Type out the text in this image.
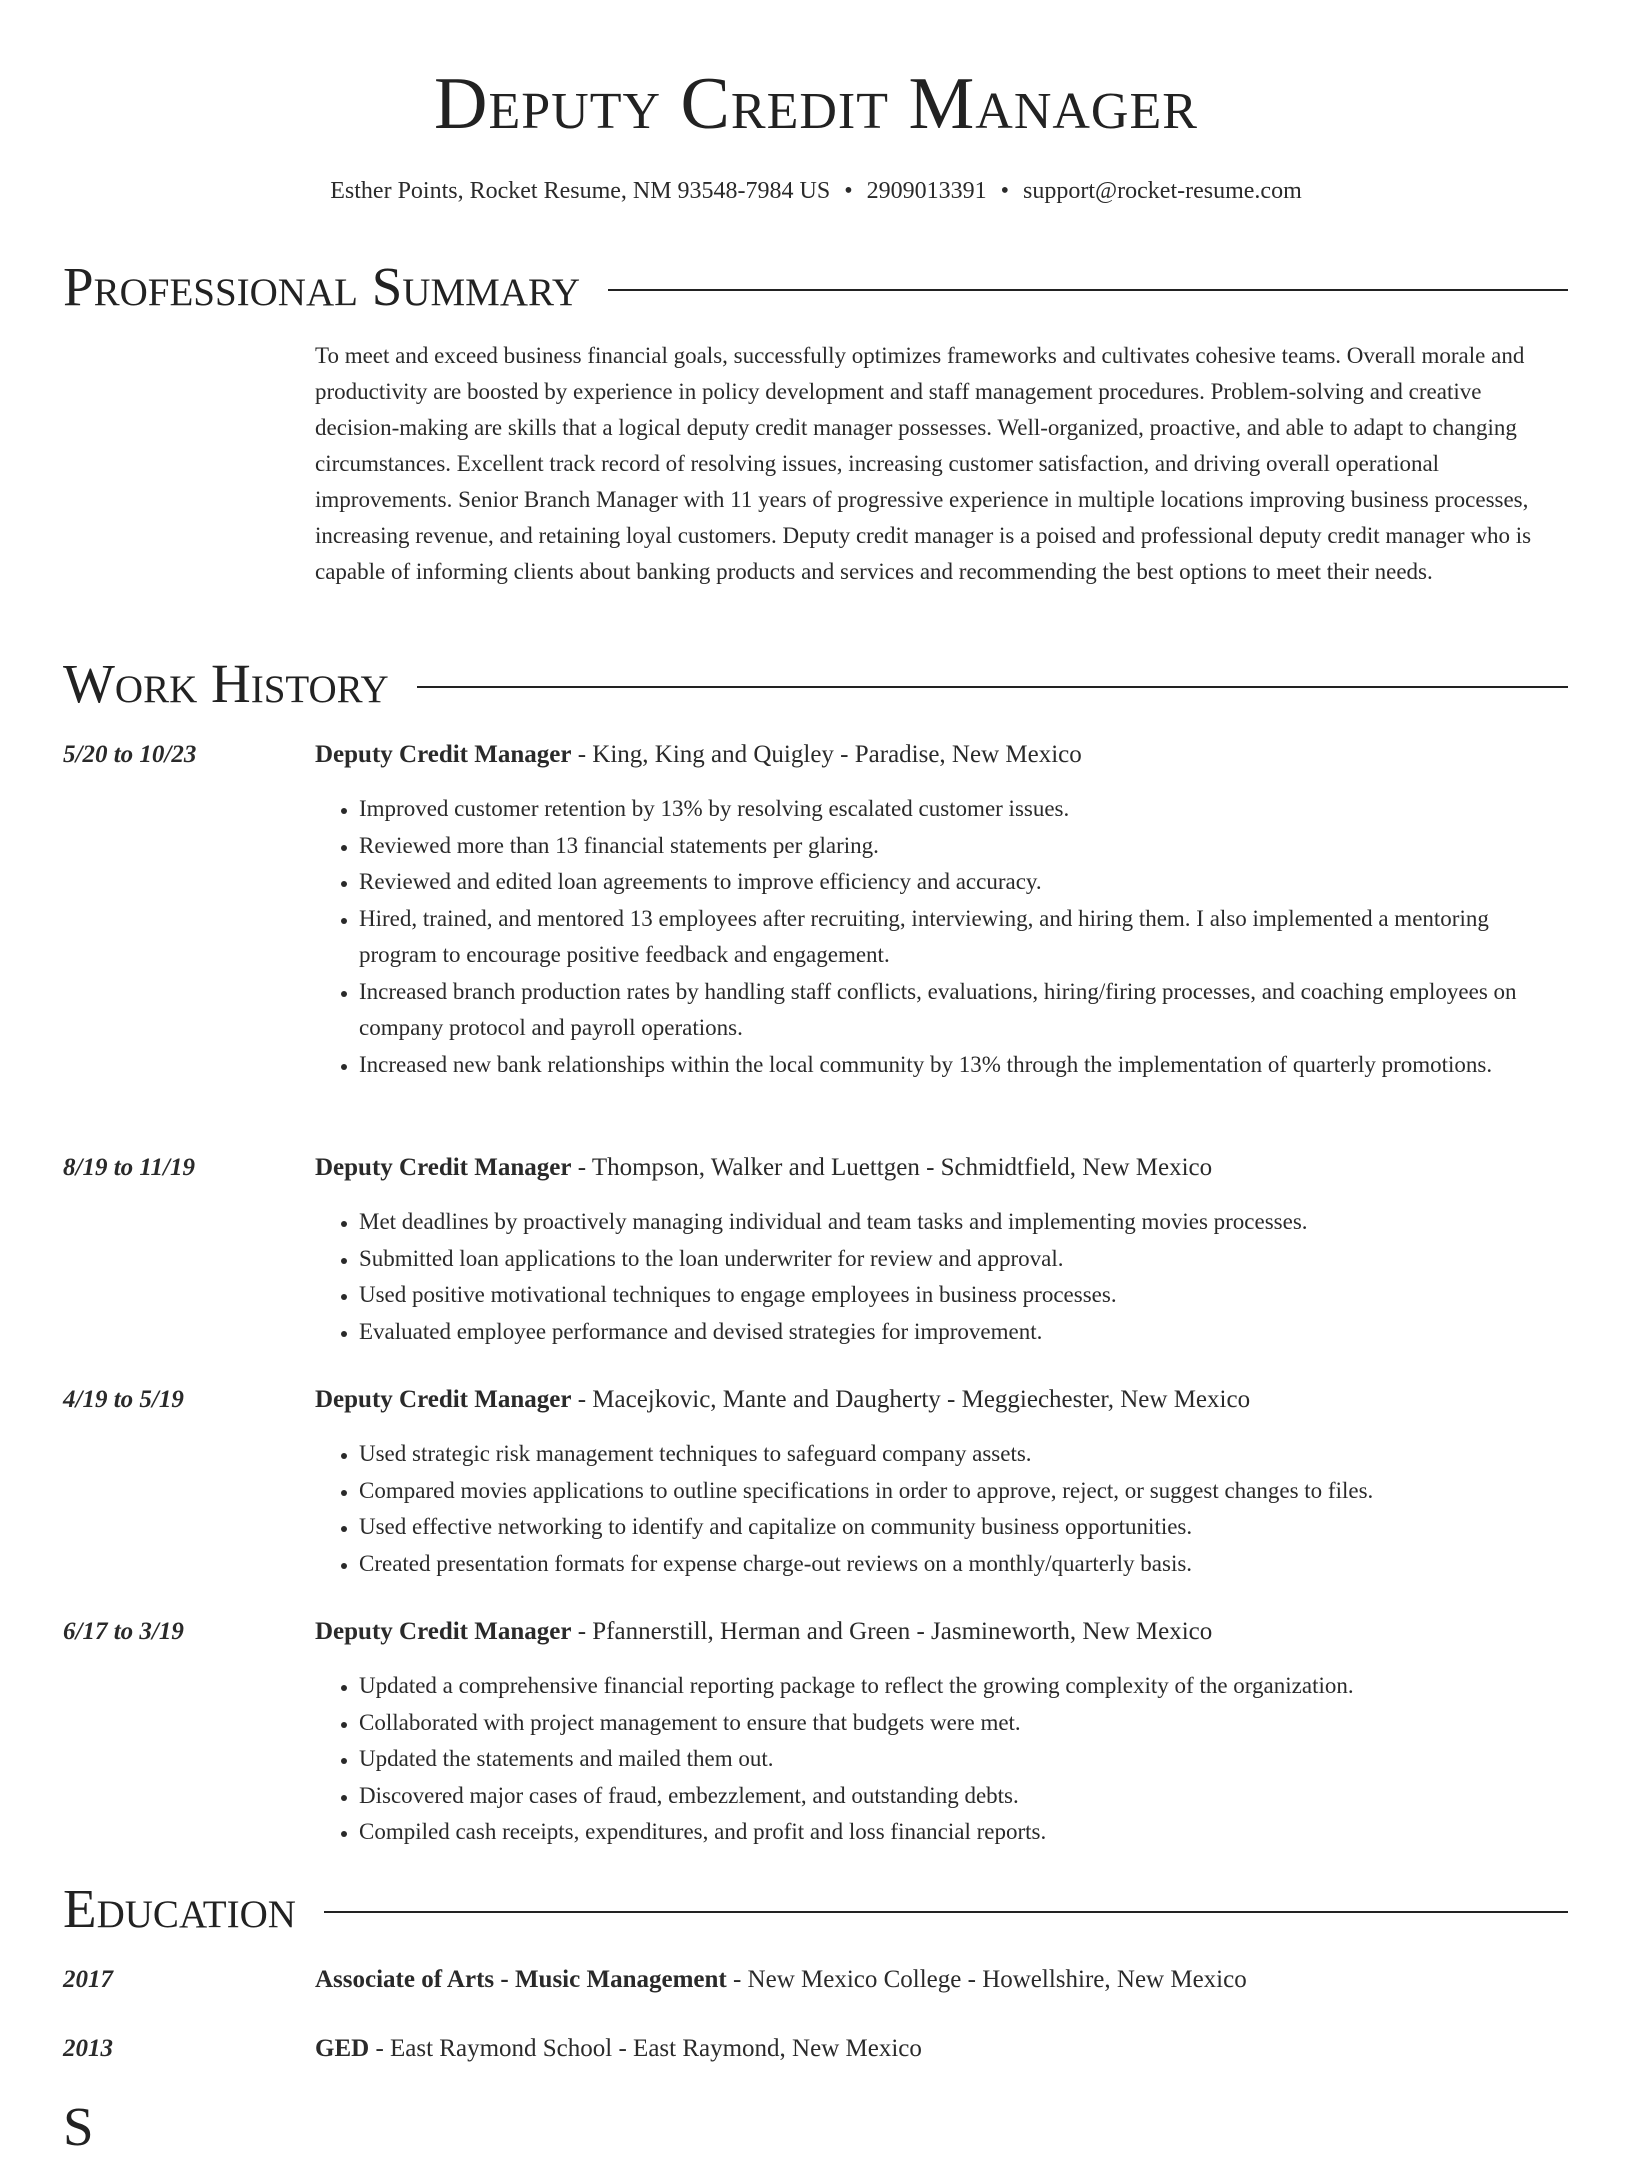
Deputy Credit Manager
Esther Points, Rocket Resume, NM 93548-7984 US • 2909013391 • support@rocket-resume.com
Professional Summary

To meet and exceed business financial goals, successfully optimizes frameworks and cultivates cohesive teams. Overall morale and productivity are boosted by experience in policy development and staff management procedures. Problem-solving and creative decision-making are skills that a logical deputy credit manager possesses. Well-organized, proactive, and able to adapt to changing circumstances. Excellent track record of resolving issues, increasing customer satisfaction, and driving overall operational improvements. Senior Branch Manager with 11 years of progressive experience in multiple locations improving business processes, increasing revenue, and retaining loyal customers. Deputy credit manager is a poised and professional deputy credit manager who is capable of informing clients about banking products and services and recommending the best options to meet their needs.

Work History
5/20 to 10/23	Deputy Credit Manager - King, King and Quigley - Paradise, New Mexico
• Improved customer retention by 13% by resolving escalated customer issues.
• Reviewed more than 13 financial statements per glaring.
• Reviewed and edited loan agreements to improve efficiency and accuracy.
• Hired, trained, and mentored 13 employees after recruiting, interviewing, and hiring them. I also implemented a mentoring program to encourage positive feedback and engagement.
• Increased branch production rates by handling staff conflicts, evaluations, hiring/firing processes, and coaching employees on company protocol and payroll operations.
• Increased new bank relationships within the local community by 13% through the implementation of quarterly promotions.
8/19 to 11/19	Deputy Credit Manager - Thompson, Walker and Luettgen - Schmidtfield, New Mexico
• Met deadlines by proactively managing individual and team tasks and implementing movies processes.
• Submitted loan applications to the loan underwriter for review and approval.
• Used positive motivational techniques to engage employees in business processes.
• Evaluated employee performance and devised strategies for improvement.
4/19 to 5/19	Deputy Credit Manager - Macejkovic, Mante and Daugherty - Meggiechester, New Mexico
• Used strategic risk management techniques to safeguard company assets.
• Compared movies applications to outline specifications in order to approve, reject, or suggest changes to files.
• Used effective networking to identify and capitalize on community business opportunities.
• Created presentation formats for expense charge-out reviews on a monthly/quarterly basis.
6/17 to 3/19	Deputy Credit Manager - Pfannerstill, Herman and Green - Jasmineworth, New Mexico
• Updated a comprehensive financial reporting package to reflect the growing complexity of the organization.
• Collaborated with project management to ensure that budgets were met.
• Updated the statements and mailed them out.
• Discovered major cases of fraud, embezzlement, and outstanding debts.
• Compiled cash receipts, expenditures, and profit and loss financial reports.
Education
2017	Associate of Arts - Music Management - New Mexico College - Howellshire, New Mexico
2013	GED - East Raymond School - East Raymond, New Mexico
S
